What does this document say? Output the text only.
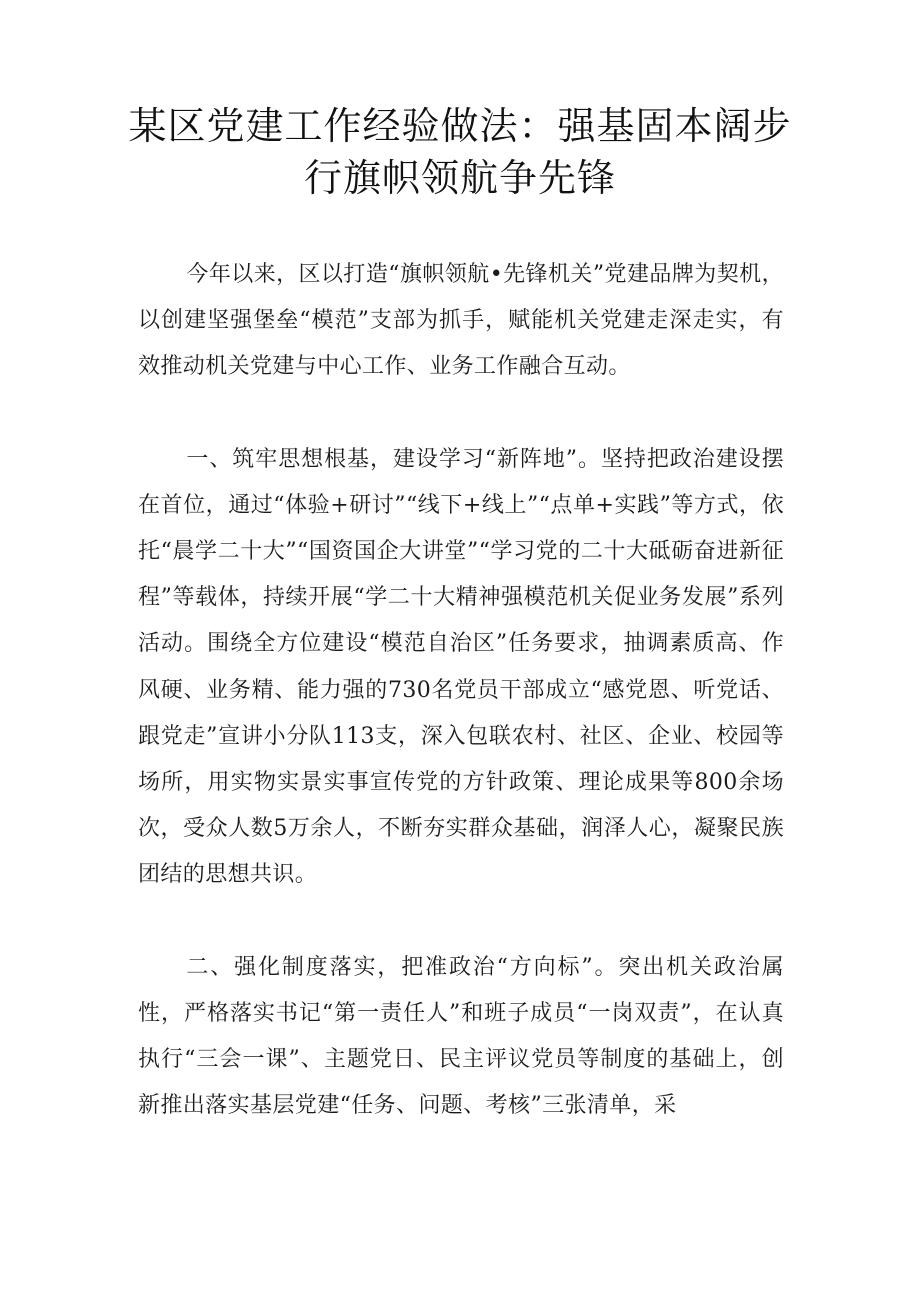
某区党建工作经验做法：强基固本阔步行旗帜领航争先锋

今年以来，区以打造“旗帜领航•先锋机关”党建品牌为契机，以创建坚强堡垒“模范”支部为抓手，赋能机关党建走深走实，有效推动机关党建与中心工作、业务工作融合互动。

一、筑牢思想根基，建设学习“新阵地”。坚持把政治建设摆在首位，通过“体验+研讨”“线下+线上”“点单+实践”等方式，依托“晨学二十大”“国资国企大讲堂”“学习党的二十大砥砺奋进新征程”等载体，持续开展“学二十大精神强模范机关促业务发展”系列活动。围绕全方位建设“模范自治区”任务要求，抽调素质高、作风硬、业务精、能力强的730名党员干部成立“感党恩、听党话、跟党走”宣讲小分队113支，深入包联农村、社区、企业、校园等场所，用实物实景实事宣传党的方针政策、理论成果等800余场次，受众人数5万余人，不断夯实群众基础，润泽人心，凝聚民族团结的思想共识。

二、强化制度落实，把准政治“方向标”。突出机关政治属性，严格落实书记“第一责任人”和班子成员“一岗双责”，在认真执行“三会一课”、主题党日、民主评议党员等制度的基础上，创新推出落实基层党建“任务、问题、考核”三张清单，采
